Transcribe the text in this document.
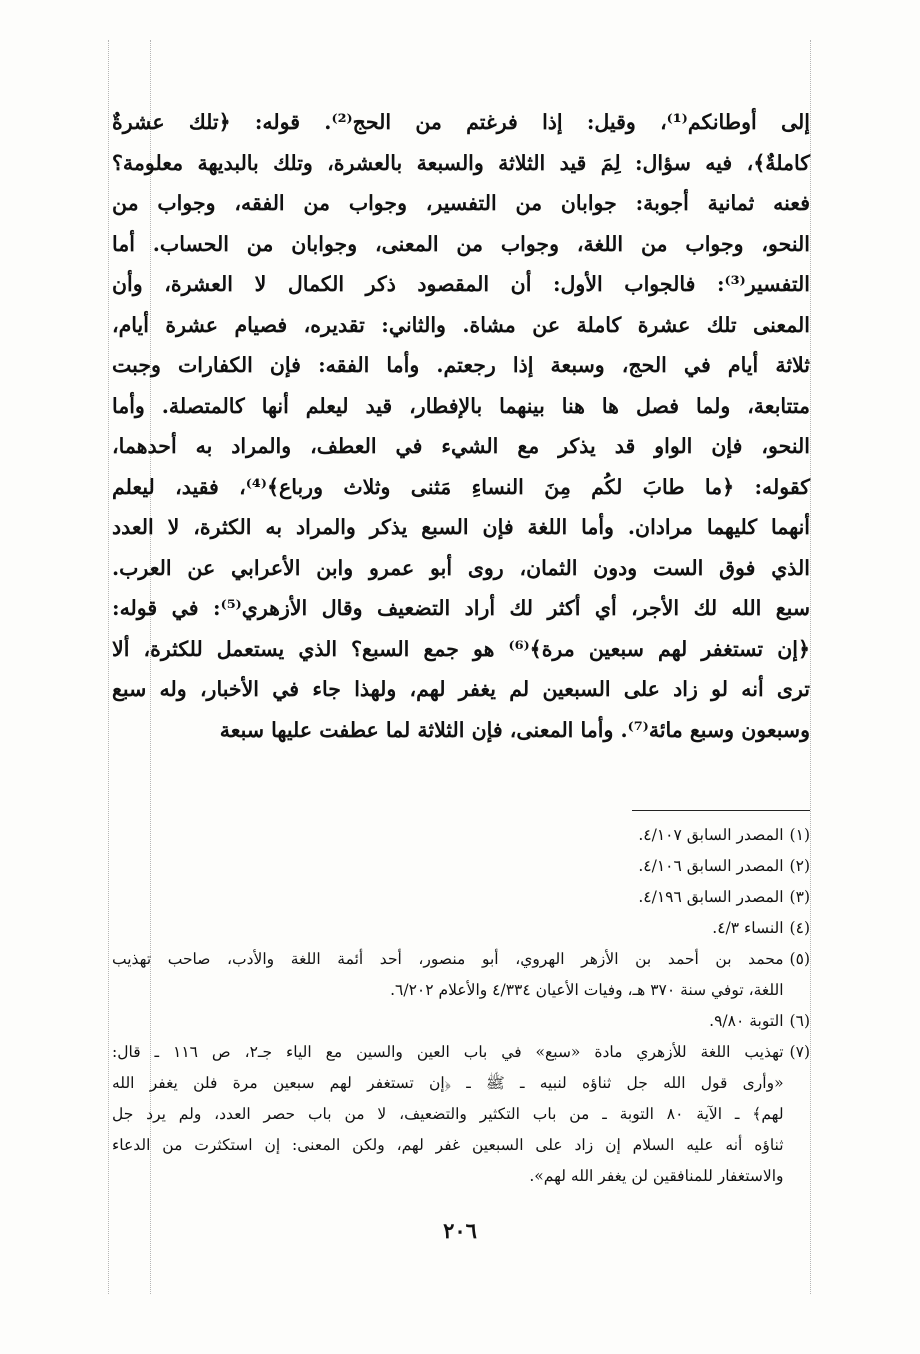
إلى أوطانكم⁽¹⁾، وقيل: إذا فرغتم من الحج⁽²⁾. قوله: ﴿تلك عشرةٌ

كاملةٌ﴾، فيه سؤال: لِمَ قيد الثلاثة والسبعة بالعشرة، وتلك بالبديهة معلومة؟

فعنه ثمانية أجوبة: جوابان من التفسير، وجواب من الفقه، وجواب من

النحو، وجواب من اللغة، وجواب من المعنى، وجوابان من الحساب. أما

التفسير⁽³⁾: فالجواب الأول: أن المقصود ذكر الكمال لا العشرة، وأن

المعنى تلك عشرة كاملة عن مشاة. والثاني: تقديره، فصيام عشرة أيام،

ثلاثة أيام في الحج، وسبعة إذا رجعتم. وأما الفقه: فإن الكفارات وجبت

متتابعة، ولما فصل ها هنا بينهما بالإفطار، قيد ليعلم أنها كالمتصلة. وأما

النحو، فإن الواو قد يذكر مع الشيء في العطف، والمراد به أحدهما،

كقوله: ﴿ما طابَ لكُم مِنَ النساءِ مَثنى وثلاث ورباع﴾⁽⁴⁾، فقيد، ليعلم

أنهما كليهما مرادان. وأما اللغة فإن السبع يذكر والمراد به الكثرة، لا العدد

الذي فوق الست ودون الثمان، روى أبو عمرو وابن الأعرابي عن العرب.

سبع الله لك الأجر، أي أكثر لك أراد التضعيف وقال الأزهري⁽⁵⁾: في قوله:

﴿إن تستغفر لهم سبعين مرة﴾⁽⁶⁾ هو جمع السبع؟ الذي يستعمل للكثرة، ألا

ترى أنه لو زاد على السبعين لم يغفر لهم، ولهذا جاء في الأخبار، وله سبع

وسبعون وسبع مائة⁽⁷⁾. وأما المعنى، فإن الثلاثة لما عطفت عليها سبعة

(١)

المصدر السابق ٤/١٠٧.

(٢)

المصدر السابق ٤/١٠٦.

(٣)

المصدر السابق ٤/١٩٦.

(٤)

النساء ٤/٣.

(٥)

محمد بن أحمد بن الأزهر الهروي، أبو منصور، أحد أئمة اللغة والأدب، صاحب تهذيب

اللغة، توفي سنة ٣٧٠ هـ، وفيات الأعيان ٤/٣٣٤ والأعلام ٦/٢٠٢.

(٦)

التوبة ٩/٨٠.

(٧)

تهذيب اللغة للأزهري مادة «سبع» في باب العين والسين مع الياء جـ٢، ص ١١٦ ـ قال:

«وأرى قول الله جل ثناؤه لنبيه ـ ﷺ ـ ﴿إن تستغفر لهم سبعين مرة فلن يغفر الله

لهم﴾ ـ الآية ٨٠ التوبة ـ من باب التكثير والتضعيف، لا من باب حصر العدد، ولم يرد جل

ثناؤه أنه عليه السلام إن زاد على السبعين غفر لهم، ولكن المعنى: إن استكثرت من الدعاء

والاستغفار للمنافقين لن يغفر الله لهم».

٢٠٦
